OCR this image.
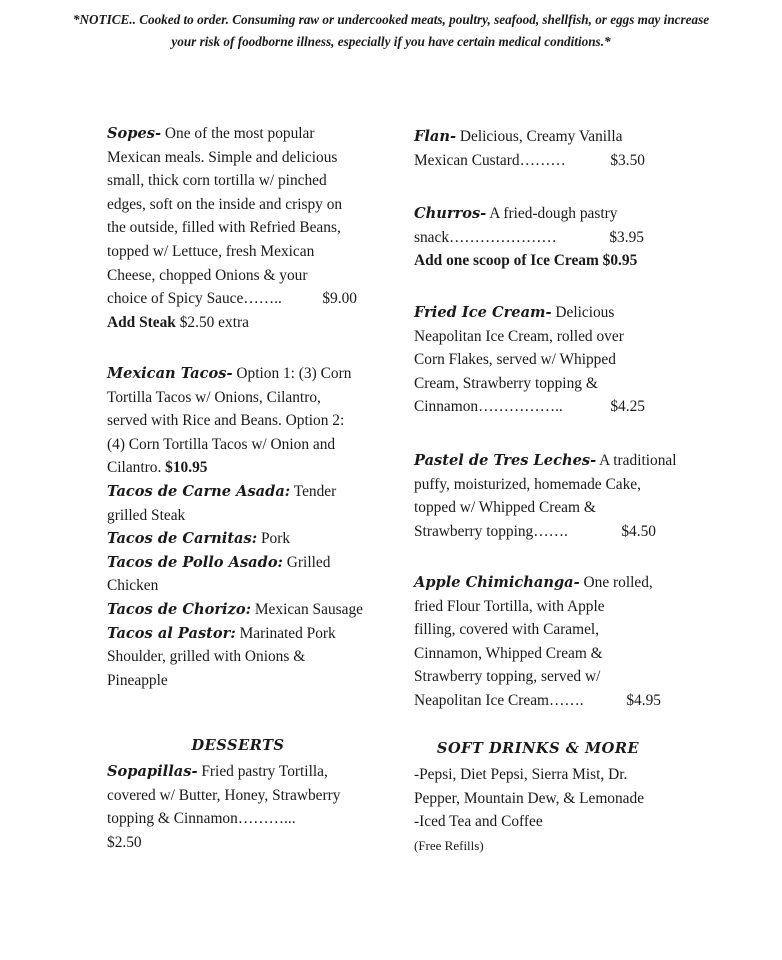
*NOTICE.. Cooked to order. Consuming raw or undercooked meats, poultry, seafood, shellfish, or eggs may increase your risk of foodborne illness, especially if you have certain medical conditions.*
Sopes- One of the most popular
Mexican meals. Simple and delicious
small, thick corn tortilla w/ pinched
edges, soft on the inside and crispy on
the outside, filled with Refried Beans,
topped w/ Lettuce, fresh Mexican
Cheese, chopped Onions & your
choice of Spicy Sauce……..	$9.00
Add Steak $2.50 extra
Mexican Tacos- Option 1: (3) Corn
Tortilla Tacos w/ Onions, Cilantro,
served with Rice and Beans. Option 2:
(4) Corn Tortilla Tacos w/ Onion and
Cilantro. $10.95
Tacos de Carne Asada: Tender
grilled Steak
Tacos de Carnitas: Pork
Tacos de Pollo Asado: Grilled
Chicken
Tacos de Chorizo: Mexican Sausage
Tacos al Pastor: Marinated Pork
Shoulder, grilled with Onions &
Pineapple
DESSERTS
Sopapillas- Fried pastry Tortilla,
covered w/ Butter, Honey, Strawberry
topping & Cinnamon………...
$2.50
Flan- Delicious, Creamy Vanilla
Mexican Custard………	$3.50
Churros- A fried-dough pastry
snack…………………	$3.95
Add one scoop of Ice Cream $0.95
Fried Ice Cream- Delicious
Neapolitan Ice Cream, rolled over
Corn Flakes, served w/ Whipped
Cream, Strawberry topping &
Cinnamon……………..	$4.25
Pastel de Tres Leches- A traditional
puffy, moisturized, homemade Cake,
topped w/ Whipped Cream &
Strawberry topping…….	$4.50
Apple Chimichanga- One rolled,
fried Flour Tortilla, with Apple
filling, covered with Caramel,
Cinnamon, Whipped Cream &
Strawberry topping, served w/
Neapolitan Ice Cream…….	$4.95
SOFT DRINKS & MORE
-Pepsi, Diet Pepsi, Sierra Mist, Dr.
Pepper, Mountain Dew, & Lemonade
-Iced Tea and Coffee
(Free Refills)
